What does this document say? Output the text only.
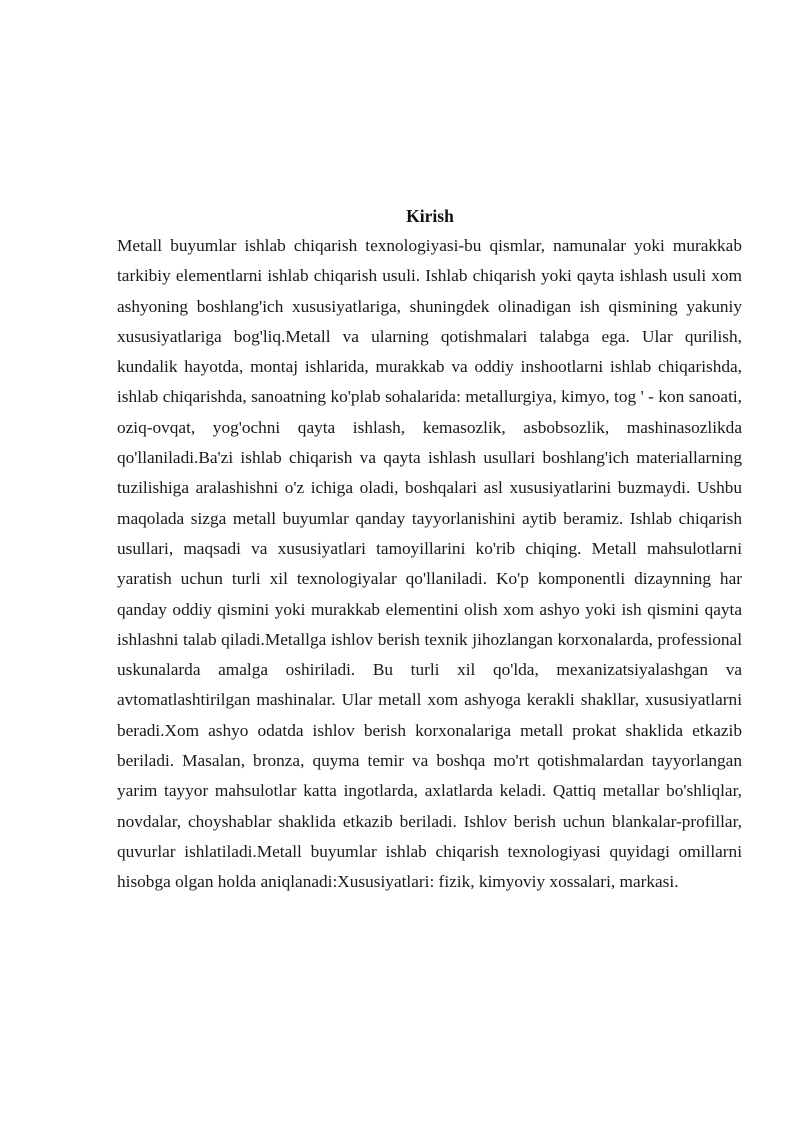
Kirish

Metall buyumlar ishlab chiqarish texnologiyasi-bu qismlar, namunalar yoki murakkab tarkibiy elementlarni ishlab chiqarish usuli. Ishlab chiqarish yoki qayta ishlash usuli xom ashyoning boshlang'ich xususiyatlariga, shuningdek olinadigan ish qismining yakuniy xususiyatlariga bog'liq.Metall va ularning qotishmalari talabga ega. Ular qurilish, kundalik hayotda, montaj ishlarida, murakkab va oddiy inshootlarni ishlab chiqarishda, ishlab chiqarishda, sanoatning ko'plab sohalarida: metallurgiya, kimyo, tog ' - kon sanoati, oziq-ovqat, yog'ochni qayta ishlash, kemasozlik, asbobsozlik, mashinasozlikda qo'llaniladi.Ba'zi ishlab chiqarish va qayta ishlash usullari boshlang'ich materiallarning tuzilishiga aralashishni o'z ichiga oladi, boshqalari asl xususiyatlarini buzmaydi. Ushbu maqolada sizga metall buyumlar qanday tayyorlanishini aytib beramiz. Ishlab chiqarish usullari, maqsadi va xususiyatlari tamoyillarini ko'rib chiqing. Metall mahsulotlarni yaratish uchun turli xil texnologiyalar qo'llaniladi. Ko'p komponentli dizaynning har qanday oddiy qismini yoki murakkab elementini olish xom ashyo yoki ish qismini qayta ishlashni talab qiladi.Metallga ishlov berish texnik jihozlangan korxonalarda, professional uskunalarda amalga oshiriladi. Bu turli xil qo'lda, mexanizatsiyalashgan va avtomatlashtirilgan mashinalar. Ular metall xom ashyoga kerakli shakllar, xususiyatlarni beradi.Xom ashyo odatda ishlov berish korxonalariga metall prokat shaklida etkazib beriladi. Masalan, bronza, quyma temir va boshqa mo'rt qotishmalardan tayyorlangan yarim tayyor mahsulotlar katta ingotlarda, axlatlarda keladi. Qattiq metallar bo'shliqlar, novdalar, choyshablar shaklida etkazib beriladi. Ishlov berish uchun blankalar-profillar, quvurlar ishlatiladi.Metall buyumlar ishlab chiqarish texnologiyasi quyidagi omillarni hisobga olgan holda aniqlanadi:Xususiyatlari: fizik, kimyoviy xossalari, markasi.
